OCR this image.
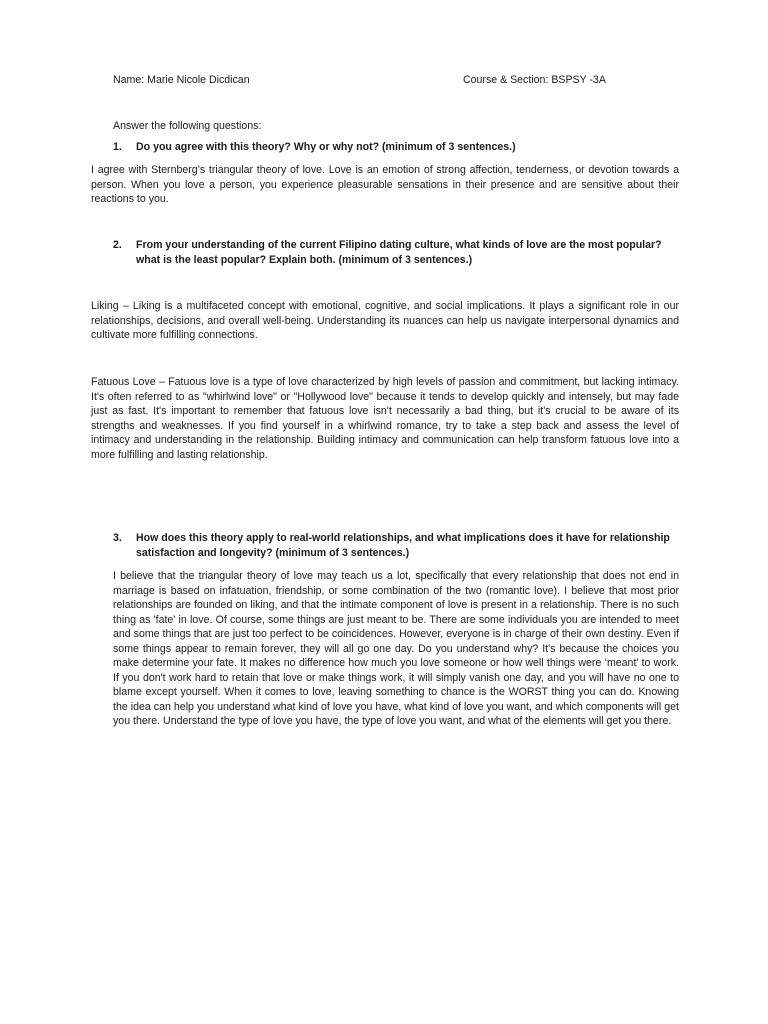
Name: Marie Nicole Dicdican	Course & Section: BSPSY -3A
Answer the following questions:
1. Do you agree with this theory? Why or why not? (minimum of 3 sentences.)
I agree with Sternberg’s triangular theory of love. Love is an emotion of strong affection, tenderness, or devotion towards a person. When you love a person, you experience pleasurable sensations in their presence and are sensitive about their reactions to you.
2.	From your understanding of the current Filipino dating culture, what kinds of love are the most popular? what is the least popular? Explain both. (minimum of 3 sentences.)
Liking – Liking is a multifaceted concept with emotional, cognitive, and social implications. It plays a significant role in our relationships, decisions, and overall well-being. Understanding its nuances can help us navigate interpersonal dynamics and cultivate more fulfilling connections.
Fatuous Love – Fatuous love is a type of love characterized by high levels of passion and commitment, but lacking intimacy. It's often referred to as "whirlwind love" or "Hollywood love" because it tends to develop quickly and intensely, but may fade just as fast. It's important to remember that fatuous love isn't necessarily a bad thing, but it's crucial to be aware of its strengths and weaknesses. If you find yourself in a whirlwind romance, try to take a step back and assess the level of intimacy and understanding in the relationship. Building intimacy and communication can help transform fatuous love into a more fulfilling and lasting relationship.
3.	How does this theory apply to real-world relationships, and what implications does it have for relationship satisfaction and longevity? (minimum of 3 sentences.)
I believe that the triangular theory of love may teach us a lot, specifically that every relationship that does not end in marriage is based on infatuation, friendship, or some combination of the two (romantic love). I believe that most prior relationships are founded on liking, and that the intimate component of love is present in a relationship. There is no such thing as 'fate' in love. Of course, some things are just meant to be. There are some individuals you are intended to meet and some things that are just too perfect to be coincidences. However, everyone is in charge of their own destiny. Even if some things appear to remain forever, they will all go one day. Do you understand why? It's because the choices you make determine your fate. It makes no difference how much you love someone or how well things were ‘meant’ to work. If you don't work hard to retain that love or make things work, it will simply vanish one day, and you will have no one to blame except yourself. When it comes to love, leaving something to chance is the WORST thing you can do. Knowing the idea can help you understand what kind of love you have, what kind of love you want, and which components will get you there. Understand the type of love you have, the type of love you want, and what of the elements will get you there.
